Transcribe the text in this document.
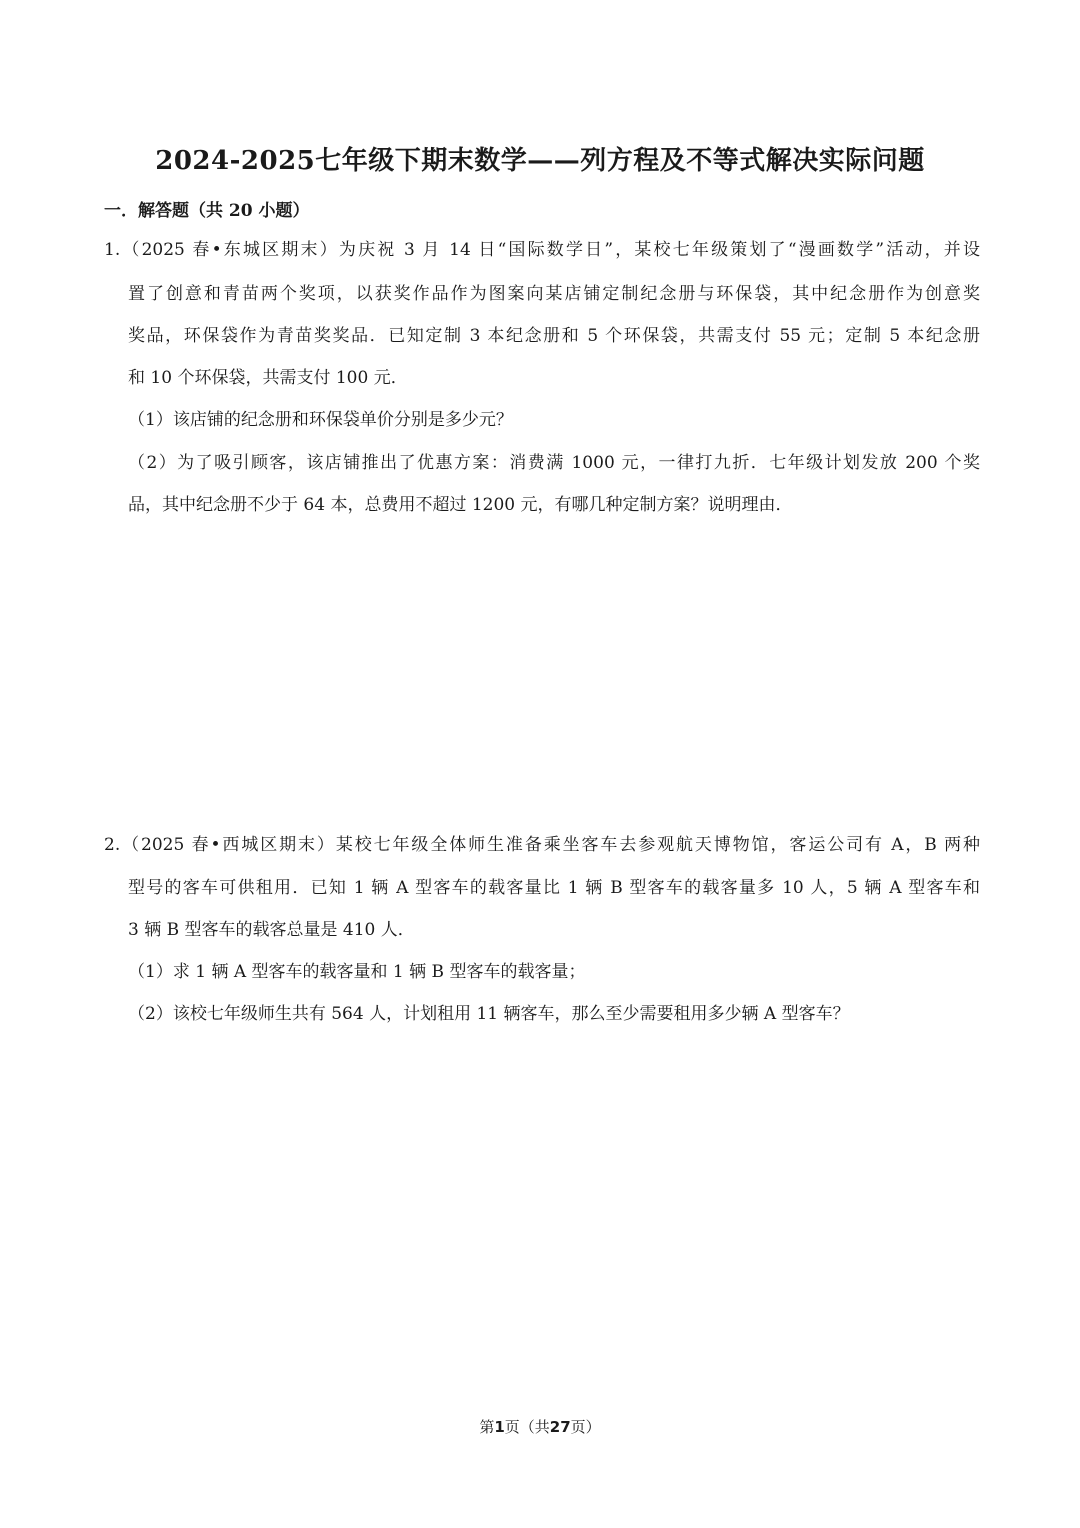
2024-2025七年级下期末数学——列方程及不等式解决实际问题
一．解答题（共 20 小题）
1.（2025 春•东城区期末）为庆祝 3 月 14 日“国际数学日”，某校七年级策划了“漫画数学”活动，并设
置了创意和青苗两个奖项，以获奖作品作为图案向某店铺定制纪念册与环保袋，其中纪念册作为创意奖
奖品，环保袋作为青苗奖奖品．已知定制 3 本纪念册和 5 个环保袋，共需支付 55 元；定制 5 本纪念册
和 10 个环保袋，共需支付 100 元．
（1）该店铺的纪念册和环保袋单价分别是多少元？
（2）为了吸引顾客，该店铺推出了优惠方案：消费满 1000 元，一律打九折．七年级计划发放 200 个奖
品，其中纪念册不少于 64 本，总费用不超过 1200 元，有哪几种定制方案？说明理由．
2.（2025 春•西城区期末）某校七年级全体师生准备乘坐客车去参观航天博物馆，客运公司有 A，B 两种
型号的客车可供租用．已知 1 辆 A 型客车的载客量比 1 辆 B 型客车的载客量多 10 人，5 辆 A 型客车和
3 辆 B 型客车的载客总量是 410 人．
（1）求 1 辆 A 型客车的载客量和 1 辆 B 型客车的载客量；
（2）该校七年级师生共有 564 人，计划租用 11 辆客车，那么至少需要租用多少辆 A 型客车？
第1页（共27页）
